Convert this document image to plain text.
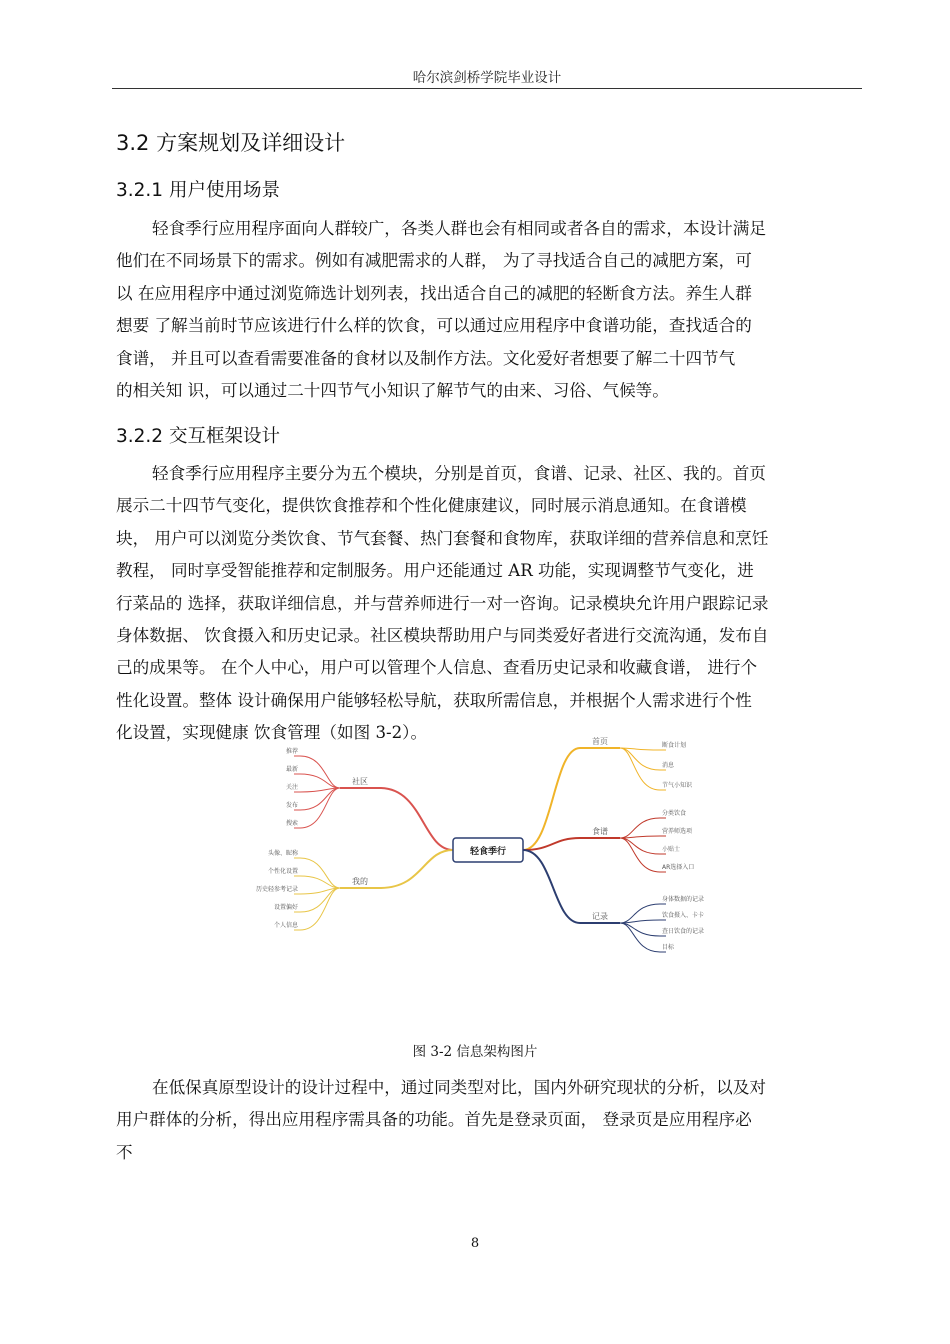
哈尔滨剑桥学院毕业设计
3.2 方案规划及详细设计
3.2.1 用户使用场景
轻食季行应用程序面向人群较广，各类人群也会有相同或者各自的需求，本设计满足
他们在不同场景下的需求。例如有减肥需求的人群， 为了寻找适合自己的减肥方案，可
以 在应用程序中通过浏览筛选计划列表，找出适合自己的减肥的轻断食方法。养生人群
想要 了解当前时节应该进行什么样的饮食，可以通过应用程序中食谱功能，查找适合的
食谱， 并且可以查看需要准备的食材以及制作方法。文化爱好者想要了解二十四节气
的相关知 识，可以通过二十四节气小知识了解节气的由来、习俗、气候等。
3.2.2 交互框架设计
轻食季行应用程序主要分为五个模块，分别是首页，食谱、记录、社区、我的。首页
展示二十四节气变化，提供饮食推荐和个性化健康建议，同时展示消息通知。在食谱模
块， 用户可以浏览分类饮食、节气套餐、热门套餐和食物库，获取详细的营养信息和烹饪
教程， 同时享受智能推荐和定制服务。用户还能通过 AR 功能，实现调整节气变化，进
行菜品的 选择，获取详细信息，并与营养师进行一对一咨询。记录模块允许用户跟踪记录
身体数据、 饮食摄入和历史记录。社区模块帮助用户与同类爱好者进行交流沟通，发布自
己的成果等。 在个人中心，用户可以管理个人信息、查看历史记录和收藏食谱， 进行个
性化设置。整体 设计确保用户能够轻松导航，获取所需信息，并根据个人需求进行个性
化设置，实现健康 饮食管理（如图 3-2）。
社区
推荐
最新
关注
发布
搜索
我的
头像、昵称
个性化设置
历史轻参考记录
设置偏好
个人信息
首页	断食计划
消息
节气小知识
食谱
分类饮食
营养师选项
小贴士
AR选择入口
记录
身体数据的记录
饮食摄入、卡卡
查日饮食的记录
目标
轻食季行
图 3-2 信息架构图片
在低保真原型设计的设计过程中，通过同类型对比，国内外研究现状的分析，以及对
用户群体的分析，得出应用程序需具备的功能。首先是登录页面， 登录页是应用程序必
不
8
